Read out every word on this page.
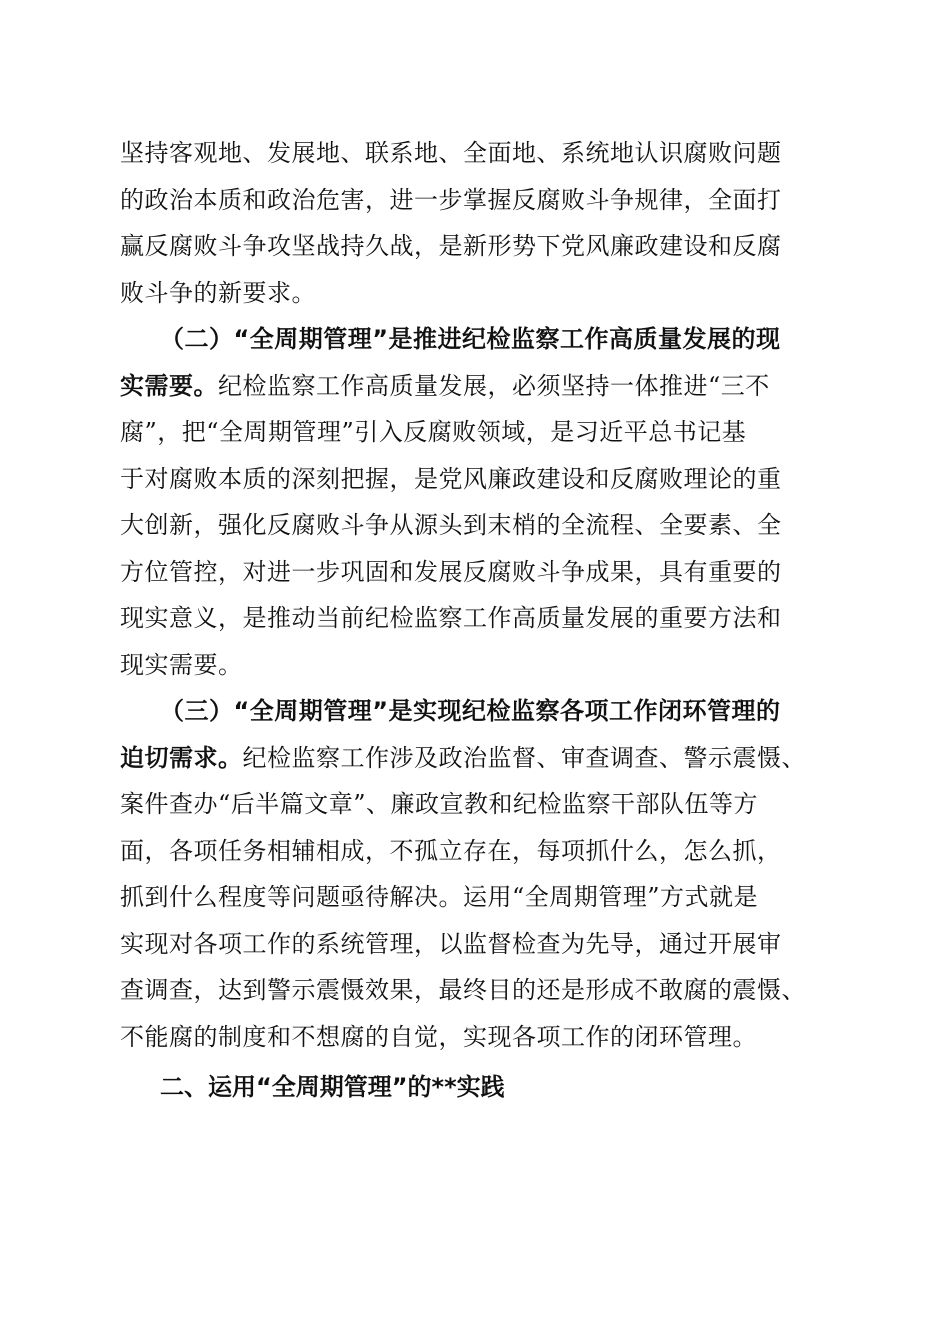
坚持客观地、发展地、联系地、全面地、系统地认识腐败问题
的政治本质和政治危害，进一步掌握反腐败斗争规律，全面打
赢反腐败斗争攻坚战持久战，是新形势下党风廉政建设和反腐
败斗争的新要求。
（二）“全周期管理”是推进纪检监察工作高质量发展的现
实需要。纪检监察工作高质量发展，必须坚持一体推进“三不
腐”，把“全周期管理”引入反腐败领域，是习近平总书记基
于对腐败本质的深刻把握，是党风廉政建设和反腐败理论的重
大创新，强化反腐败斗争从源头到末梢的全流程、全要素、全
方位管控，对进一步巩固和发展反腐败斗争成果，具有重要的
现实意义，是推动当前纪检监察工作高质量发展的重要方法和
现实需要。
（三）“全周期管理”是实现纪检监察各项工作闭环管理的
迫切需求。纪检监察工作涉及政治监督、审查调查、警示震慑、
案件查办“后半篇文章”、廉政宣教和纪检监察干部队伍等方
面，各项任务相辅相成，不孤立存在，每项抓什么，怎么抓，
抓到什么程度等问题亟待解决。运用“全周期管理”方式就是
实现对各项工作的系统管理，以监督检查为先导，通过开展审
查调查，达到警示震慑效果，最终目的还是形成不敢腐的震慑、
不能腐的制度和不想腐的自觉，实现各项工作的闭环管理。
二、运用“全周期管理”的**实践
